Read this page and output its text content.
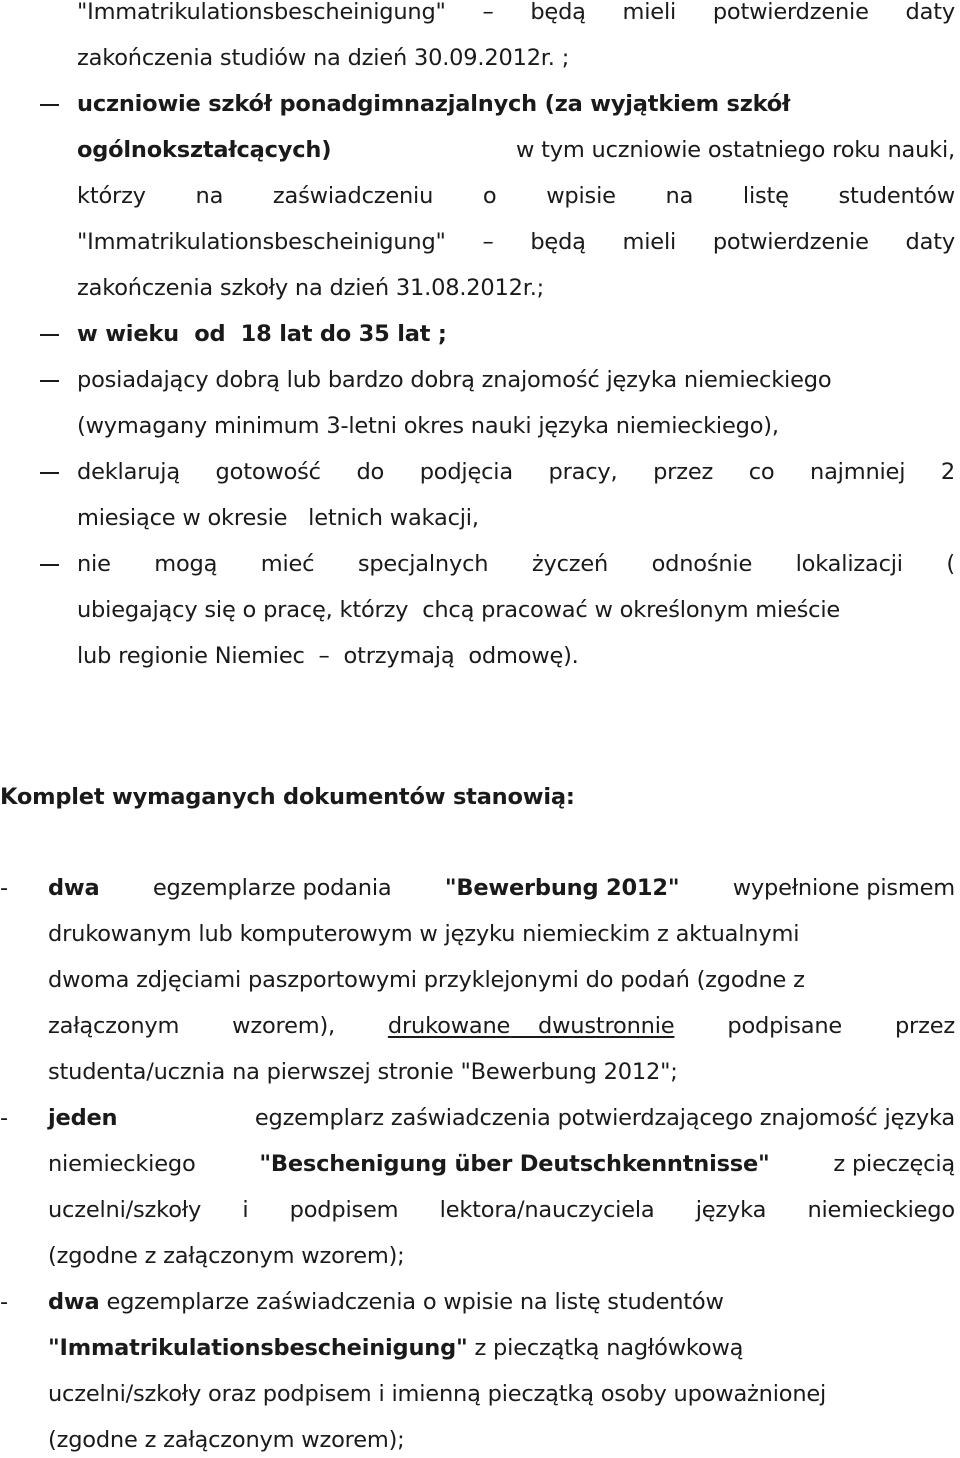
"Immatrikulationsbescheinigung" – będą mieli potwierdzenie daty
zakończenia studiów na dzień 30.09.2012r. ;
uczniowie szkół ponadgimnazjalnych (za wyjątkiem szkół
ogólnokształcących)	w tym uczniowie ostatniego roku nauki,
którzy na zaświadczeniu o wpisie na listę studentów
"Immatrikulationsbescheinigung" – będą mieli potwierdzenie daty
zakończenia szkoły na dzień 31.08.2012r.;
w wieku  od  18 lat do 35 lat ;
posiadający dobrą lub bardzo dobrą znajomość języka niemieckiego
(wymagany minimum 3-letni okres nauki języka niemieckiego),
deklarują gotowość do podjęcia pracy, przez co najmniej 2
miesiące w okresie   letnich wakacji,
nie mogą mieć specjalnych życzeń odnośnie lokalizacji (
ubiegający się o pracę, którzy  chcą pracować w określonym mieście
lub regionie Niemiec  –  otrzymają  odmowę).
Komplet wymaganych dokumentów stanowią:
- dwa egzemplarze podania "Bewerbung 2012" wypełnione pismem
drukowanym lub komputerowym w języku niemieckim z aktualnymi
dwoma zdjęciami paszportowymi przyklejonymi do podań (zgodne z
załączonym wzorem), drukowane dwustronnie podpisane przez
studenta/ucznia na pierwszej stronie "Bewerbung 2012";
- jeden	egzemplarz zaświadczenia potwierdzającego znajomość języka
niemieckiego	"Beschenigung über Deutschkenntnisse"	z pieczęcią
uczelni/szkoły i podpisem lektora/nauczyciela języka niemieckiego
(zgodne z załączonym wzorem);
- dwa egzemplarze zaświadczenia o wpisie na listę studentów
"Immatrikulationsbescheinigung" z pieczątką nagłówkową
uczelni/szkoły oraz podpisem i imienną pieczątką osoby upoważnionej
(zgodne z załączonym wzorem);
